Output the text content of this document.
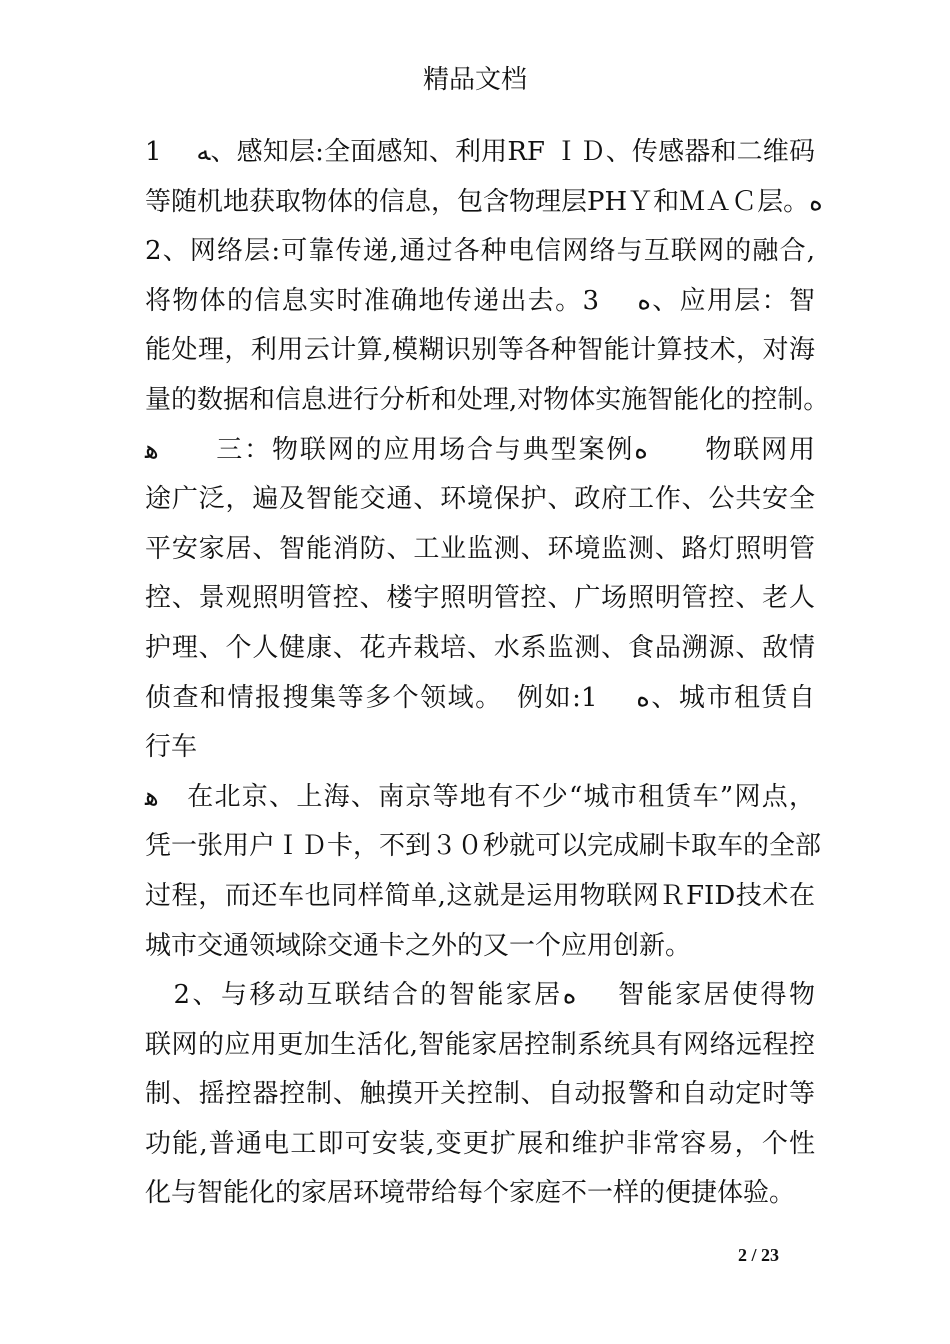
精品文档
1　 ﻪ、感知层:全面感知、利用RF ＩＤ、传感器和二维码
等随机地获取物体的信息，包含物理层PHＹ和ＭＡＣ层。ﻩ
2、网络层:可靠传递,通过各种电信网络与互联网的融合,
将物体的信息实时准确地传递出去。3　 ﻩ、应用层：智
能处理，利用云计算,模糊识别等各种智能计算技术，对海
量的数据和信息进行分析和处理,对物体实施智能化的控制。
ﻫ　　三：物联网的应用场合与典型案例ﻩ　　物联网用
途广泛，遍及智能交通、环境保护、政府工作、公共安全
平安家居、智能消防、工业监测、环境监测、路灯照明管
控、景观照明管控、楼宇照明管控、广场照明管控、老人
护理、个人健康、花卉栽培、水系监测、食品溯源、敌情
侦查和情报搜集等多个领域。　例如:1　 ﻩ、城市租赁自
行车
ﻫ　在北京、上海、南京等地有不少“城市租赁车”网点，
凭一张用户ＩＤ卡，不到３０秒就可以完成刷卡取车的全部
过程，而还车也同样简单,这就是运用物联网ＲFID技术在
城市交通领域除交通卡之外的又一个应用创新。
　2、与移动互联结合的智能家居ﻩ　 智能家居使得物
联网的应用更加生活化,智能家居控制系统具有网络远程控
制、摇控器控制、触摸开关控制、自动报警和自动定时等
功能,普通电工即可安装,变更扩展和维护非常容易，个性
化与智能化的家居环境带给每个家庭不一样的便捷体验。
2 / 23
